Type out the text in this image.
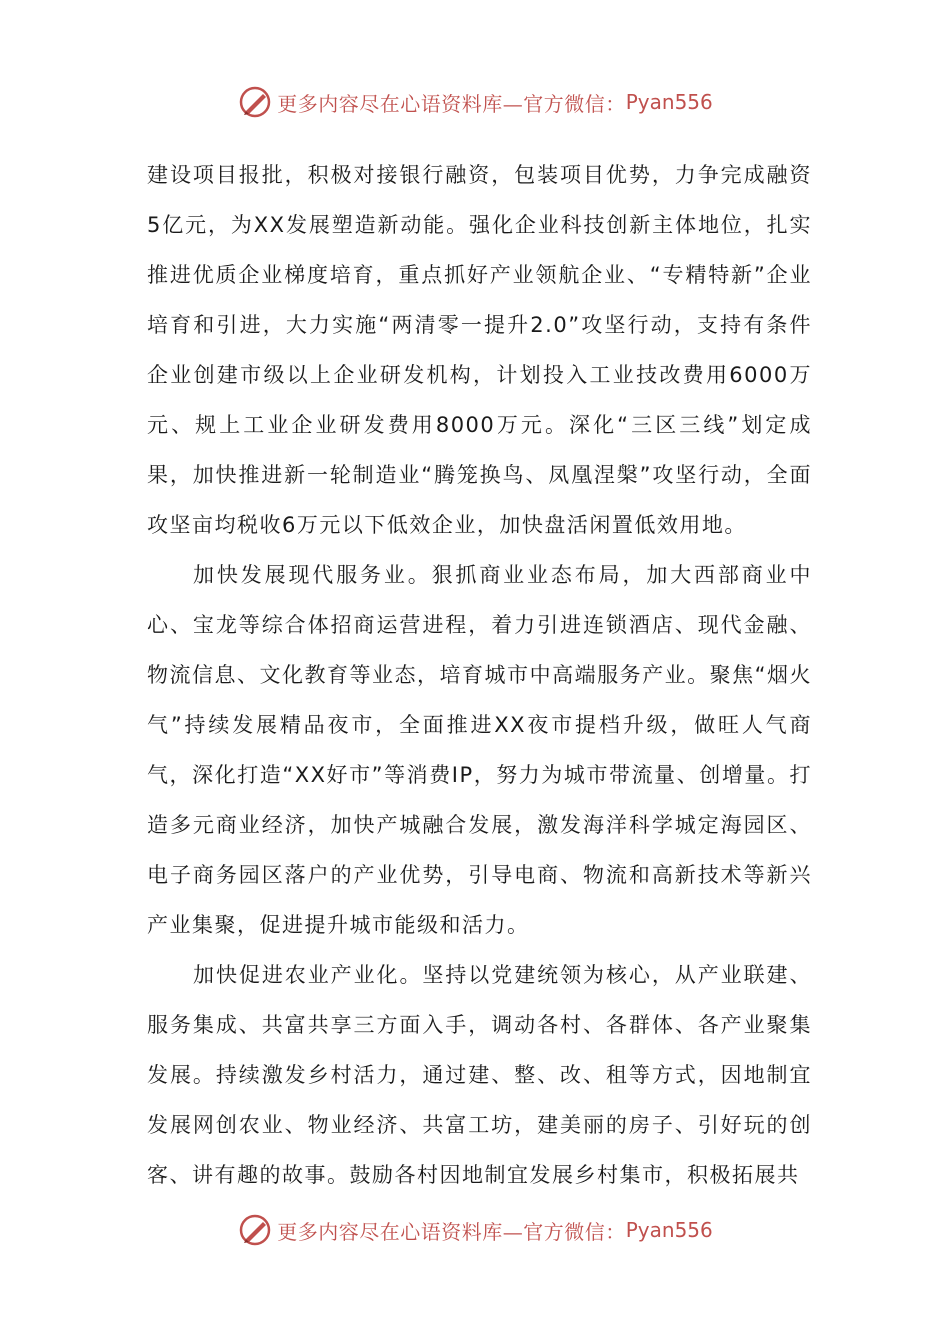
更多内容尽在心语资料库—官方微信： Pyan556

建设项目报批，积极对接银行融资，包装项目优势，力争完成融资5亿元，为XX发展塑造新动能。强化企业科技创新主体地位，扎实推进优质企业梯度培育，重点抓好产业领航企业、“专精特新”企业培育和引进，大力实施“两清零一提升2.0”攻坚行动，支持有条件企业创建市级以上企业研发机构，计划投入工业技改费用6000万元、规上工业企业研发费用8000万元。深化“三区三线”划定成果，加快推进新一轮制造业“腾笼换鸟、凤凰涅槃”攻坚行动，全面攻坚亩均税收6万元以下低效企业，加快盘活闲置低效用地。

加快发展现代服务业。狠抓商业业态布局，加大西部商业中心、宝龙等综合体招商运营进程，着力引进连锁酒店、现代金融、物流信息、文化教育等业态，培育城市中高端服务产业。聚焦“烟火气”持续发展精品夜市，全面推进XX夜市提档升级，做旺人气商气，深化打造“XX好市”等消费IP，努力为城市带流量、创增量。打造多元商业经济，加快产城融合发展，激发海洋科学城定海园区、电子商务园区落户的产业优势，引导电商、物流和高新技术等新兴产业集聚，促进提升城市能级和活力。

加快促进农业产业化。坚持以党建统领为核心，从产业联建、服务集成、共富共享三方面入手，调动各村、各群体、各产业聚集发展。持续激发乡村活力，通过建、整、改、租等方式，因地制宜发展网创农业、物业经济、共富工坊，建美丽的房子、引好玩的创客、讲有趣的故事。鼓励各村因地制宜发展乡村集市，积极拓展共

更多内容尽在心语资料库—官方微信： Pyan556
